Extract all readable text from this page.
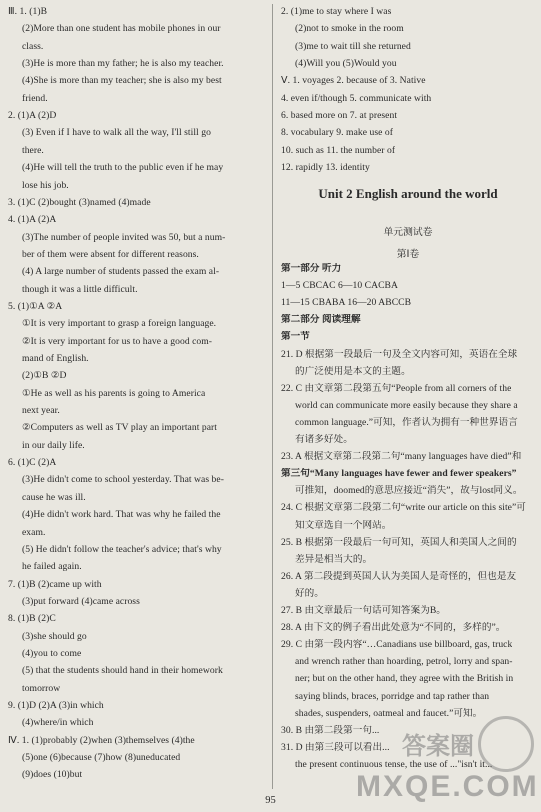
Ⅲ. 1. (1)B
(2)More than one student has mobile phones in our
class.
(3)He is more than my father; he is also my teacher.
(4)She is more than my teacher; she is also my best
friend.
2. (1)A (2)D
(3) Even if I have to walk all the way, I'll still go
there.
(4)He will tell the truth to the public even if he may
lose his job.
3. (1)C (2)bought (3)named (4)made
4. (1)A (2)A
(3)The number of people invited was 50, but a num-
ber of them were absent for different reasons.
(4) A large number of students passed the exam al-
though it was a little difficult.
5. (1)①A ②A
①It is very important to grasp a foreign language.
②It is very important for us to have a good com-
mand of English.
(2)①B ②D
①He as well as his parents is going to America
next year.
②Computers as well as TV play an important part
in our daily life.
6. (1)C (2)A
(3)He didn't come to school yesterday. That was be-
cause he was ill.
(4)He didn't work hard. That was why he failed the
exam.
(5) He didn't follow the teacher's advice; that's why
he failed again.
7. (1)B (2)came up with
(3)put forward (4)came across
8. (1)B (2)C
(3)she should go
(4)you to come
(5) that the students should hand in their homework
tomorrow
9. (1)D (2)A (3)in which
(4)where/in which
Ⅳ. 1. (1)probably (2)when (3)themselves (4)the
(5)one (6)because (7)how (8)uneducated
(9)does (10)but
2. (1)me to stay where I was
(2)not to smoke in the room
(3)me to wait till she returned
(4)Will you (5)Would you
Ⅴ. 1. voyages 2. because of 3. Native
4. even if/though 5. communicate with
6. based more on 7. at present
8. vocabulary 9. make use of
10. such as 11. the number of
12. rapidly 13. identity
Unit 2 English around the world
单元测试卷
第Ⅰ卷
第一部分 听力
1—5 CBCAC 6—10 CACBA
11—15 CBABA 16—20 ABCCB
第二部分 阅读理解
第一节
21. D 根据第一段最后一句及全文内容可知，英语在全球
的广泛使用是本文的主题。
22. C 由文章第二段第五句“People from all corners of the
world can communicate more easily because they share a
common language.”可知，作者认为拥有一种世界语言
有诸多好处。
23. A 根据文章第二段第二句“many languages have died”和
第三句“Many languages have fewer and fewer speakers”
可推知，doomed的意思应接近“消失”，故与lost同义。
24. C 根据文章第二段第二句“write our article on this site”可
知文章选自一个网站。
25. B 根据第一段最后一句可知，英国人和美国人之间的
差异是相当大的。
26. A 第二段提到英国人认为美国人是奇怪的，但也是友
好的。
27. B 由文章最后一句话可知答案为B。
28. A 由下文的例子看出此处意为“不同的，多样的”。
29. C 由第一段内容“…Canadians use billboard, gas, truck
and wrench rather than hoarding, petrol, lorry and span-
ner; but on the other hand, they agree with the British in
saying blinds, braces, porridge and tap rather than
shades, suspenders, oatmeal and faucet.”可知。
30. B 由第二段第一句...
31. D 由第三段可以看出...
the present continuous tense, the use of ..."isn't it...
答案圈
MXQE.COM
95
